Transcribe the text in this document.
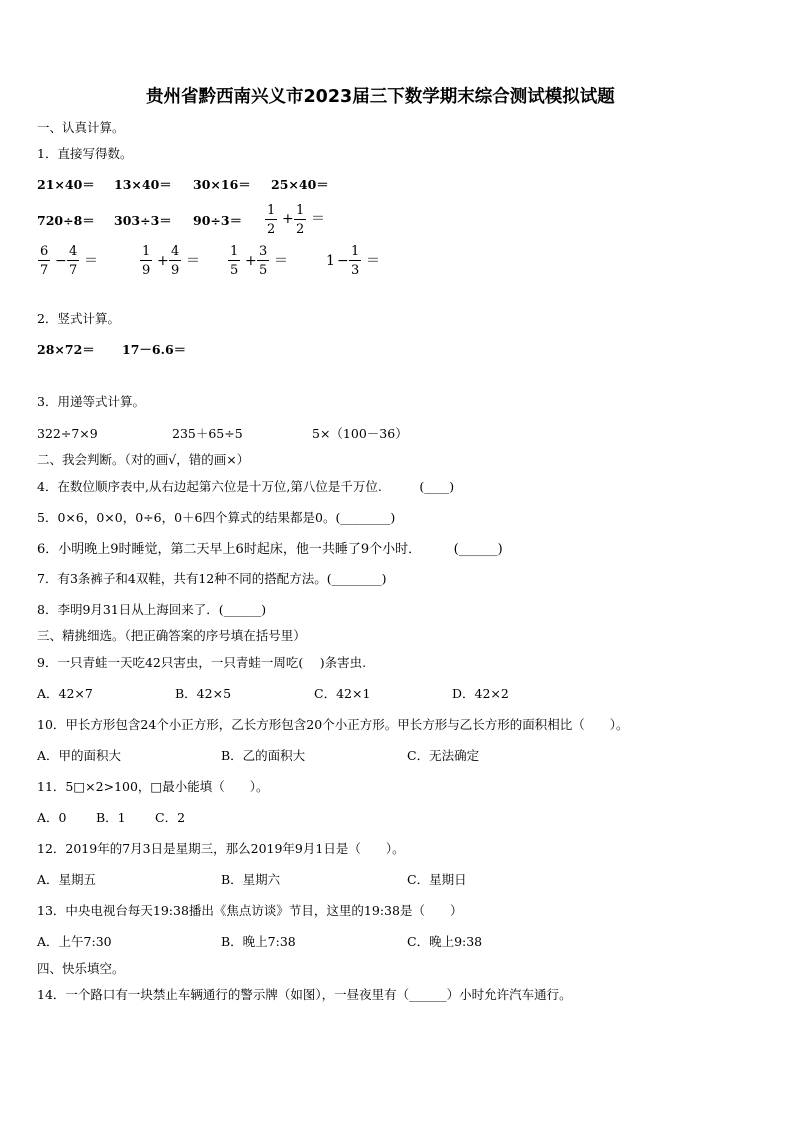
贵州省黔西南兴义市2023届三下数学期末综合测试模拟试题
一、认真计算。
1．直接写得数。
21×40＝ 13×40＝ 30×16＝ 25×40＝
$720\div 8= 303\div 3= 90\div 3= \frac{1}{2} + \frac{1}{2}$ ＝
$\frac{6}{7} - \frac{4}{7}$ ＝	$\frac{1}{9} + \frac{4}{9} = \frac{1}{5} + \frac{3}{5}$ ＝	$1 - \frac{1}{3}$ ＝
2．竖式计算。
28×72＝ 17－6.6＝
3．用递等式计算。
322÷7×9	235＋65÷5	5×（100－36）
二、我会判断。（对的画√，错的画×）
4．在数位顺序表中,从右边起第六位是十万位,第八位是千万位.　　　(____)
5．0×6，0×0，0÷6，0＋6四个算式的结果都是0。(________)
6．小明晚上9时睡觉，第二天早上6时起床，他一共睡了9个小时．　　　(______)
7．有3条裤子和4双鞋，共有12种不同的搭配方法。(________)
8．李明9月31日从上海回来了．(______)
三、精挑细选。（把正确答案的序号填在括号里）
9．一只青蛙一天吃42只害虫，一只青蛙一周吃(　 )条害虫.
A．42×7	B．42×5	C．42×1	D．42×2
10．甲长方形包含24个小正方形，乙长方形包含20个小正方形。甲长方形与乙长方形的面积相比（　　）。
A．甲的面积大	B．乙的面积大	C．无法确定
11．5□×2>100，□最小能填（　　）。
A．0 B．1 C．2
12．2019年的7月3日是星期三，那么2019年9月1日是（　　）。
A．星期五	B．星期六	C．星期日
13．中央电视台每天19:38播出《焦点访谈》节目，这里的19:38是（　　）
A．上午7:30	B．晚上7:38	C．晚上9:38
四、快乐填空。
14．一个路口有一块禁止车辆通行的警示牌（如图），一昼夜里有（______）小时允许汽车通行。
